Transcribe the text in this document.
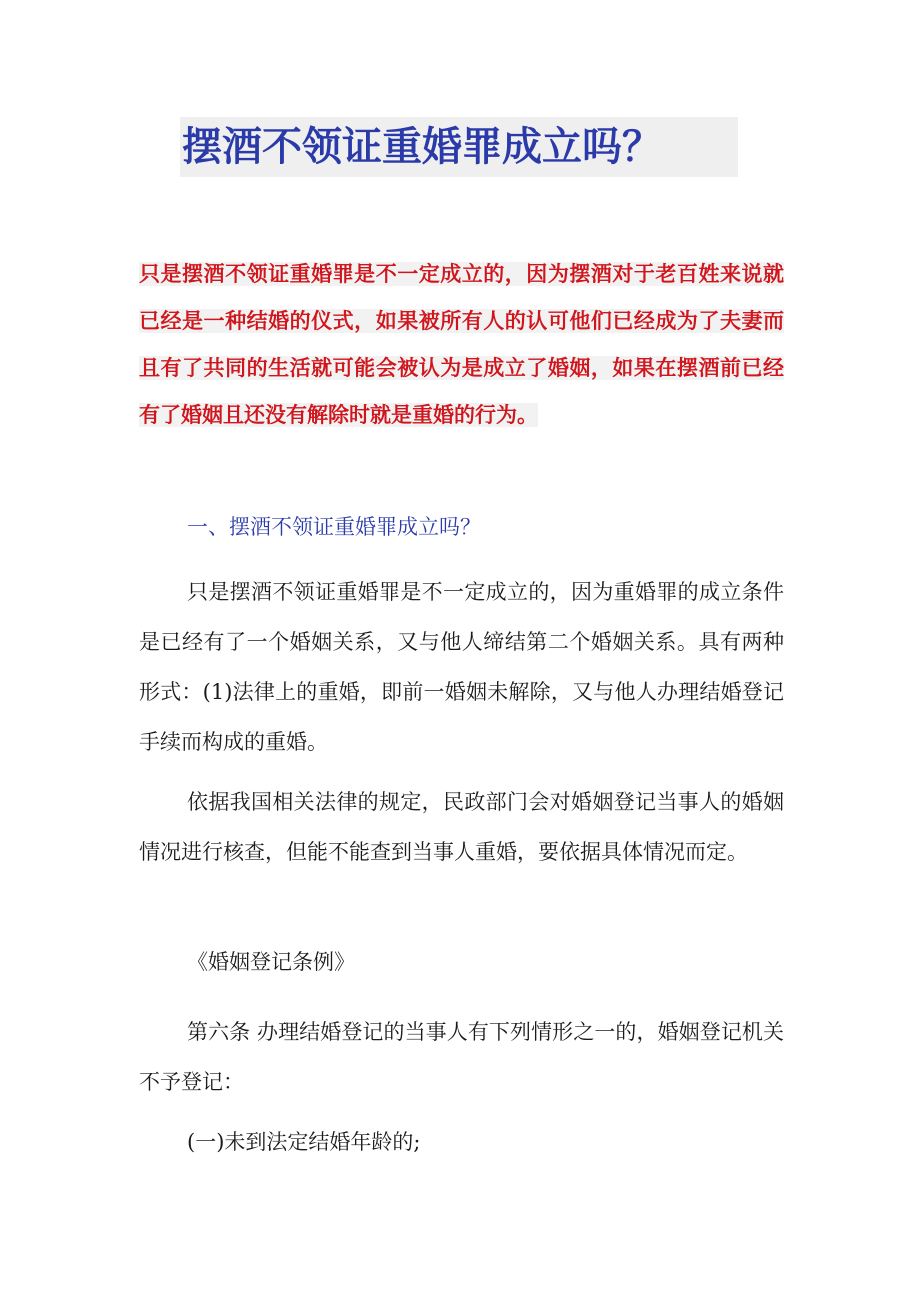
摆酒不领证重婚罪成立吗？

只是摆酒不领证重婚罪是不一定成立的，因为摆酒对于老百姓来说就已经是一种结婚的仪式，如果被所有人的认可他们已经成为了夫妻而且有了共同的生活就可能会被认为是成立了婚姻，如果在摆酒前已经有了婚姻且还没有解除时就是重婚的行为。

一、摆酒不领证重婚罪成立吗？

只是摆酒不领证重婚罪是不一定成立的，因为重婚罪的成立条件是已经有了一个婚姻关系，又与他人缔结第二个婚姻关系。具有两种形式：(1)法律上的重婚，即前一婚姻未解除，又与他人办理结婚登记手续而构成的重婚。

依据我国相关法律的规定，民政部门会对婚姻登记当事人的婚姻情况进行核查，但能不能查到当事人重婚，要依据具体情况而定。

《婚姻登记条例》

第六条 办理结婚登记的当事人有下列情形之一的，婚姻登记机关不予登记：

(一)未到法定结婚年龄的;
